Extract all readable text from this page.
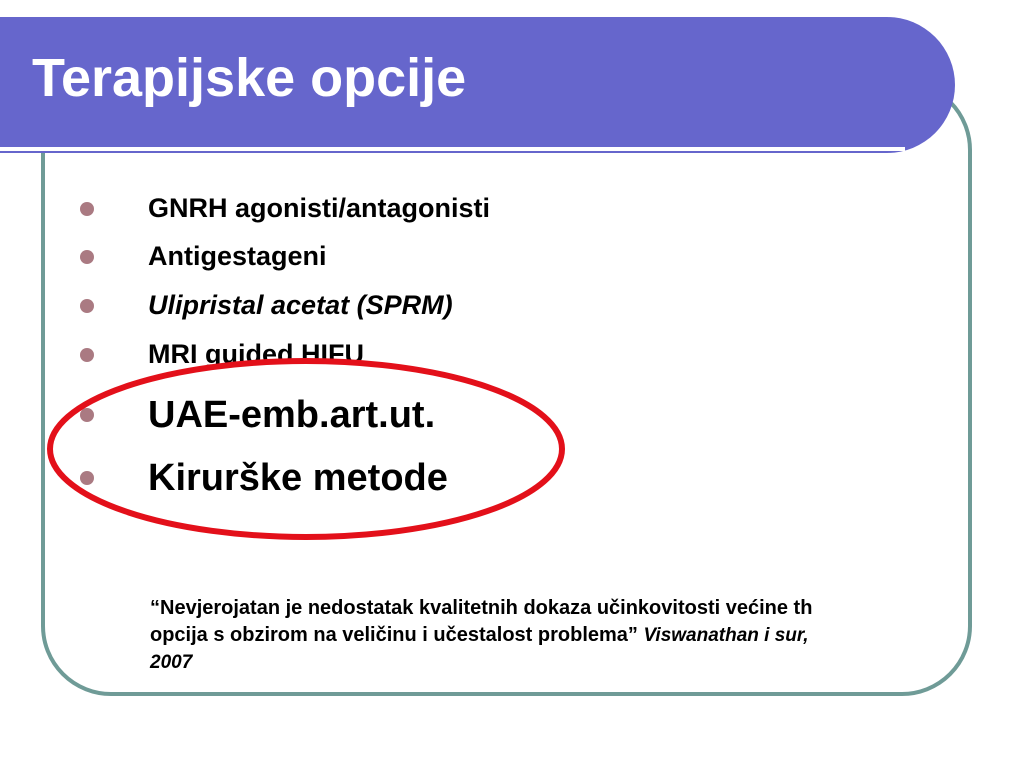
Terapijske opcije
GNRH agonisti/antagonisti
Antigestageni
Ulipristal acetat (SPRM)
MRI guided HIFU
UAE-emb.art.ut.
Kirurške metode
“Nevjerojatan je nedostatak kvalitetnih dokaza učinkovitosti većine th opcija s obzirom na veličinu i učestalost problema” Viswanathan i sur, 2007
